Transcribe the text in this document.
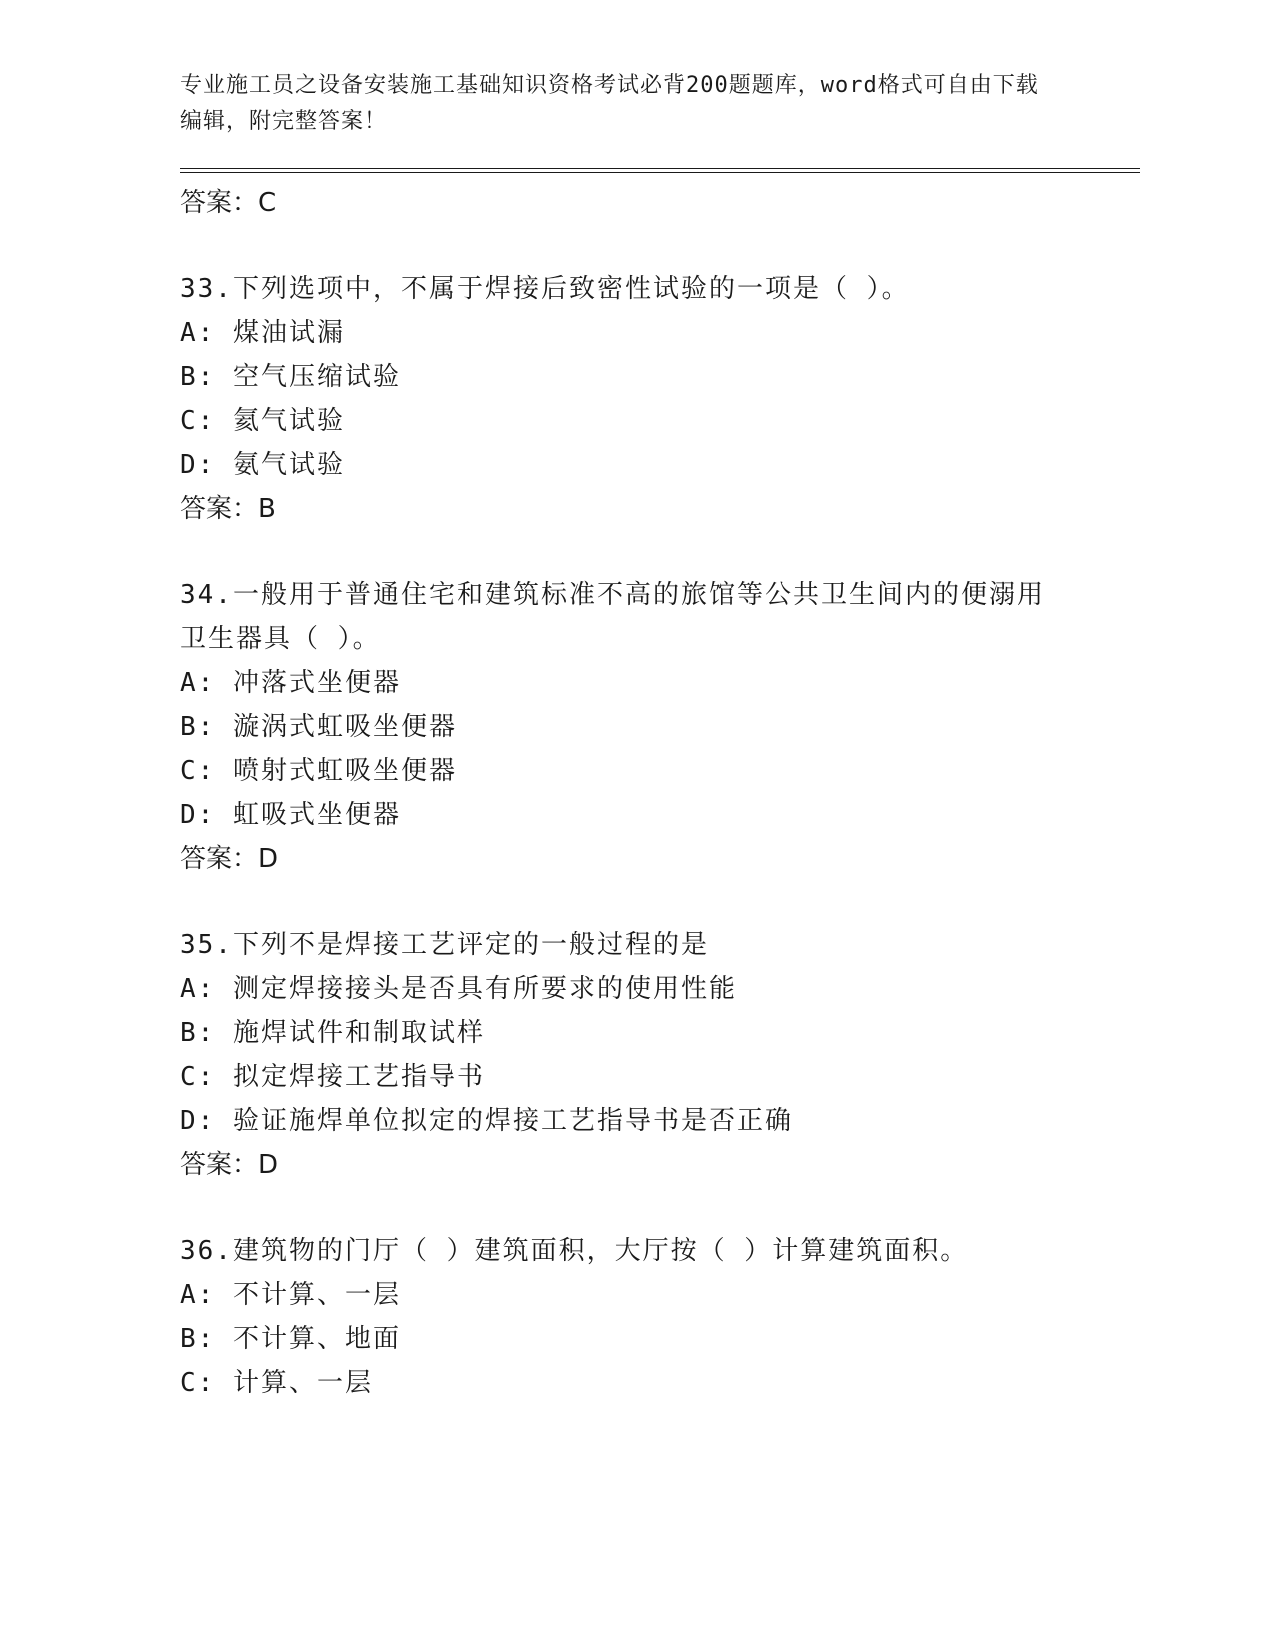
专业施工员之设备安装施工基础知识资格考试必背200题题库，word格式可自由下载编辑，附完整答案！

答案：C

33.下列选项中，不属于焊接后致密性试验的一项是（ ）。

A: 煤油试漏

B: 空气压缩试验

C: 氦气试验

D: 氨气试验

答案：B

34.一般用于普通住宅和建筑标准不高的旅馆等公共卫生间内的便溺用卫生器具（ ）。

A: 冲落式坐便器

B: 漩涡式虹吸坐便器

C: 喷射式虹吸坐便器

D: 虹吸式坐便器

答案：D

35.下列不是焊接工艺评定的一般过程的是

A: 测定焊接接头是否具有所要求的使用性能

B: 施焊试件和制取试样

C: 拟定焊接工艺指导书

D: 验证施焊单位拟定的焊接工艺指导书是否正确

答案：D

36.建筑物的门厅（ ）建筑面积，大厅按（ ）计算建筑面积。

A: 不计算、一层

B: 不计算、地面

C: 计算、一层
